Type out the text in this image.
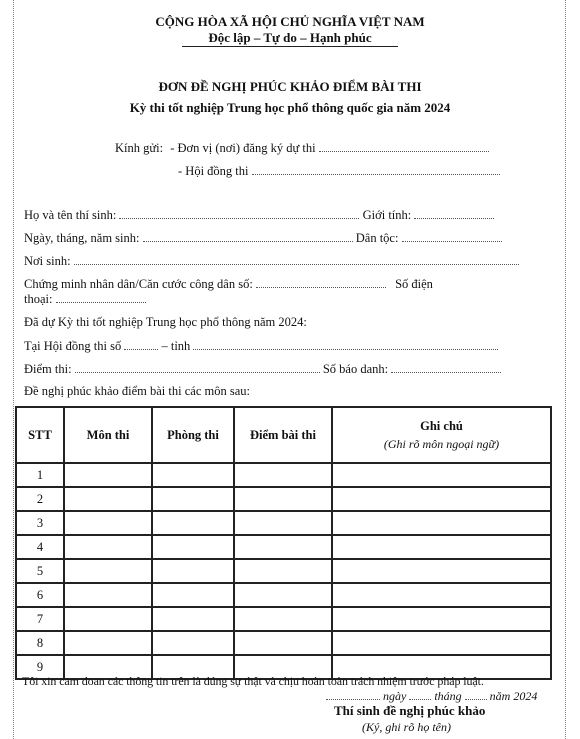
CỘNG HÒA XÃ HỘI CHỦ NGHĨA VIỆT NAM
Độc lập – Tự do – Hạnh phúc
ĐƠN ĐỀ NGHỊ PHÚC KHẢO ĐIỂM BÀI THI
Kỳ thi tốt nghiệp Trung học phổ thông quốc gia năm 2024
Kính gửi: - Đơn vị (nơi) đăng ký dự thi
- Hội đồng thi
Họ và tên thí sinh:	Giới tính:
Ngày, tháng, năm sinh:	Dân tộc:
Nơi sinh:
Chứng minh nhân dân/Căn cước công dân số:	Số điện
thoại:
Đã dự Kỳ thi tốt nghiệp Trung học phổ thông năm 2024:
Tại Hội đồng thi số	– tỉnh
Điểm thi:	Số báo danh:
Đề nghị phúc khảo điểm bài thi các môn sau:
STT	Môn thi	Phòng thi	Điểm bài thi	Ghi chú
(Ghi rõ môn ngoại ngữ)

1				
2				
3				
4				
5				
6				
7				
8				
9				
Tôi xin cam đoan các thông tin trên là đúng sự thật và chịu hoàn toàn trách nhiệm trước pháp luật.
ngày tháng năm 2024
Thí sinh đề nghị phúc khảo
(Ký, ghi rõ họ tên)
